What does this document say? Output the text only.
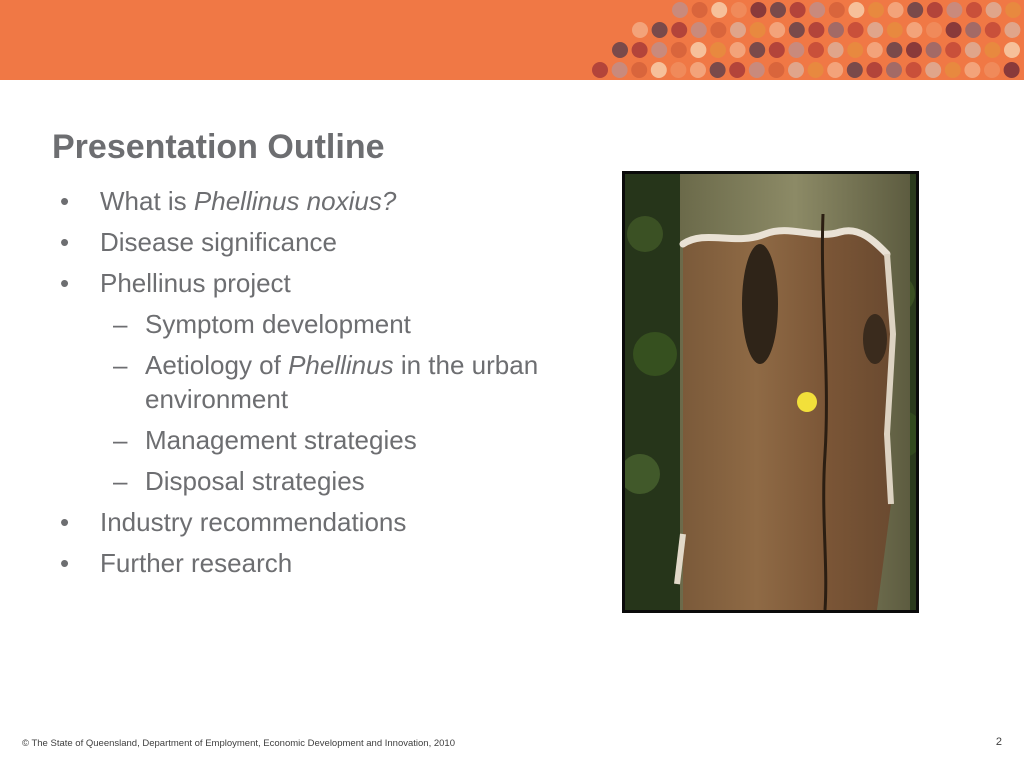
Presentation Outline
• What is Phellinus noxius?
• Disease significance
• Phellinus project
– Symptom development
– Aetiology of Phellinus in the urban environment
– Management strategies
– Disposal strategies
• Industry recommendations
• Further research
© The State of Queensland, Department of Employment, Economic Development and Innovation, 2010	2
